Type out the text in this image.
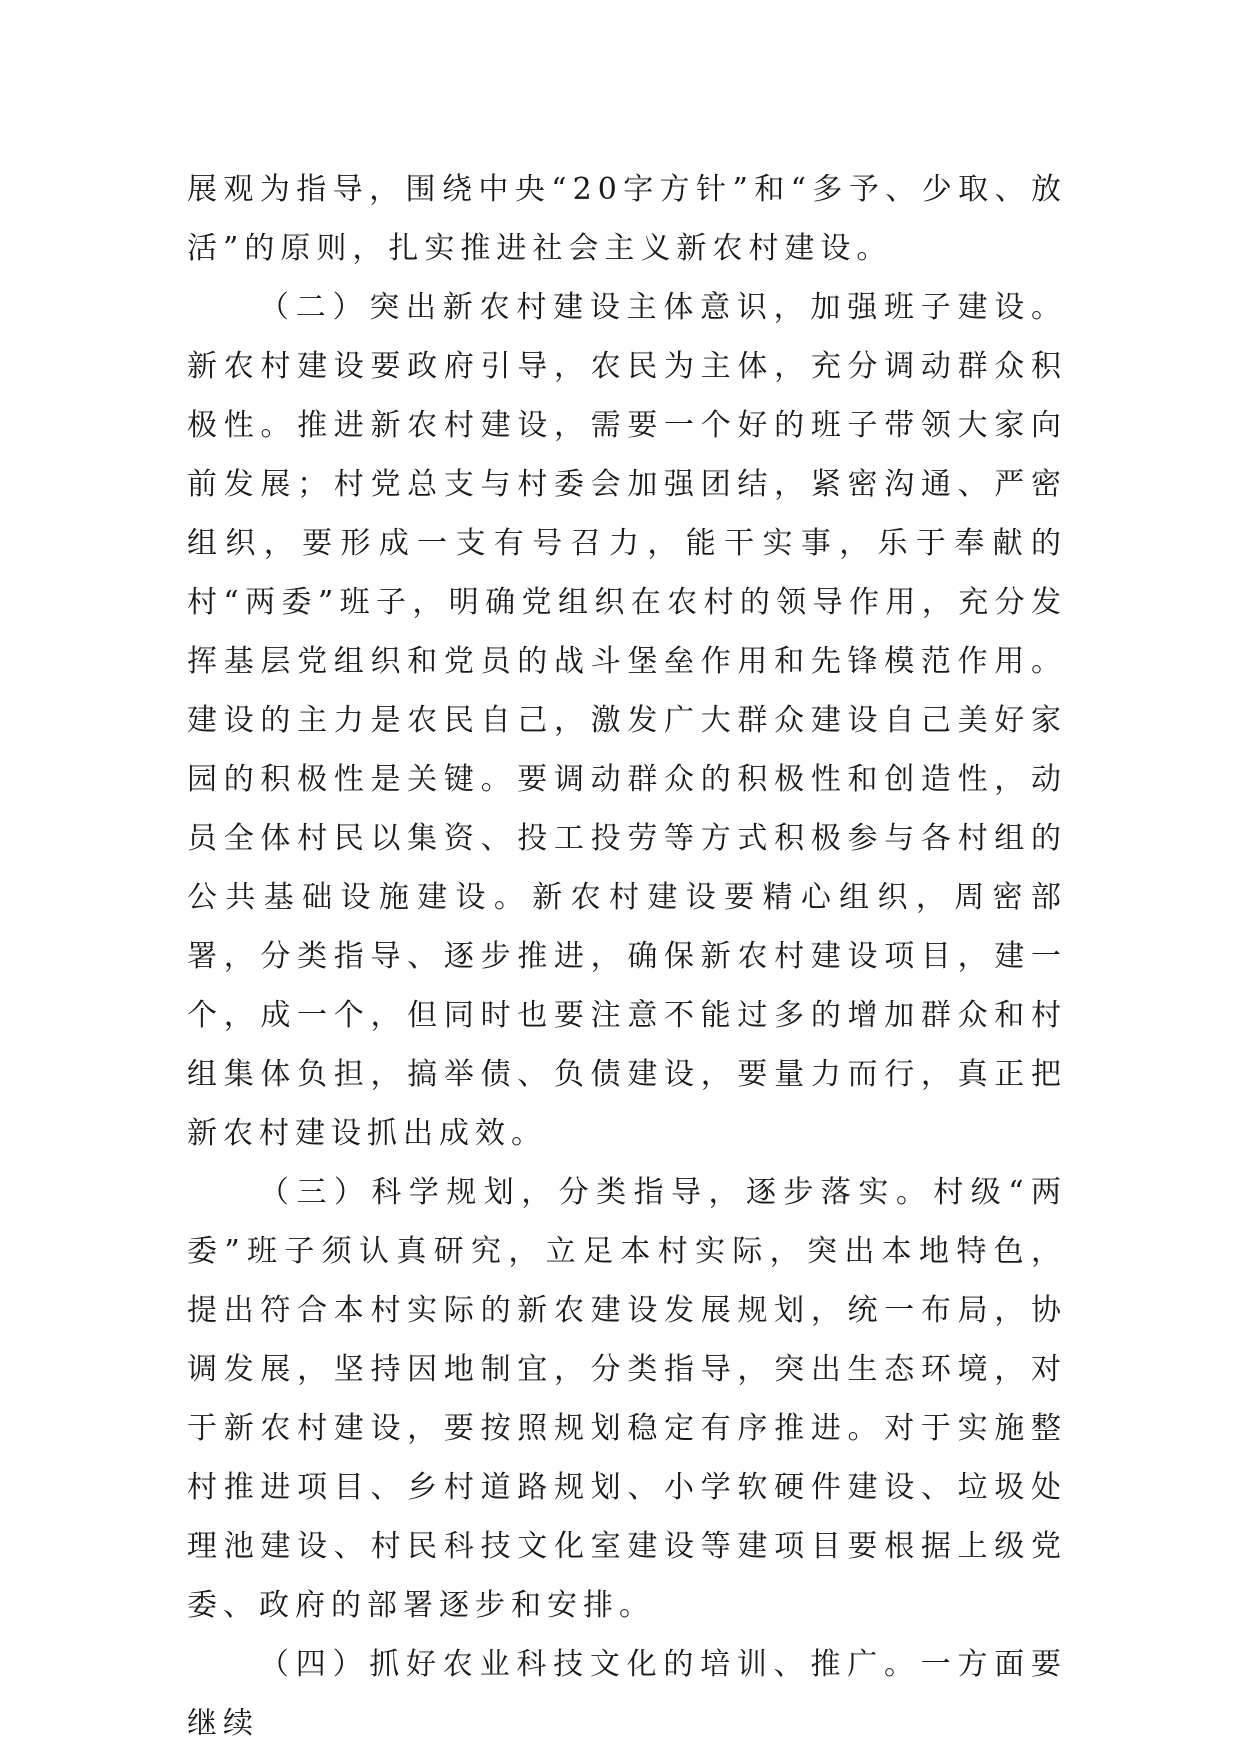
展观为指导，围绕中央“20字方针”和“多予、少取、放活”的原则，扎实推进社会主义新农村建设。

（二）突出新农村建设主体意识，加强班子建设。新农村建设要政府引导，农民为主体，充分调动群众积极性。推进新农村建设，需要一个好的班子带领大家向前发展；村党总支与村委会加强团结，紧密沟通、严密组织，要形成一支有号召力，能干实事，乐于奉献的村“两委”班子，明确党组织在农村的领导作用，充分发挥基层党组织和党员的战斗堡垒作用和先锋模范作用。建设的主力是农民自己，激发广大群众建设自己美好家园的积极性是关键。要调动群众的积极性和创造性，动员全体村民以集资、投工投劳等方式积极参与各村组的公共基础设施建设。新农村建设要精心组织，周密部署，分类指导、逐步推进，确保新农村建设项目，建一个，成一个，但同时也要注意不能过多的增加群众和村组集体负担，搞举债、负债建设，要量力而行，真正把新农村建设抓出成效。

（三）科学规划，分类指导，逐步落实。村级“两委”班子须认真研究，立足本村实际，突出本地特色，提出符合本村实际的新农建设发展规划，统一布局，协调发展，坚持因地制宜，分类指导，突出生态环境，对于新农村建设，要按照规划稳定有序推进。对于实施整村推进项目、乡村道路规划、小学软硬件建设、垃圾处理池建设、村民科技文化室建设等建项目要根据上级党委、政府的部署逐步和安排。

（四）抓好农业科技文化的培训、推广。一方面要继续
